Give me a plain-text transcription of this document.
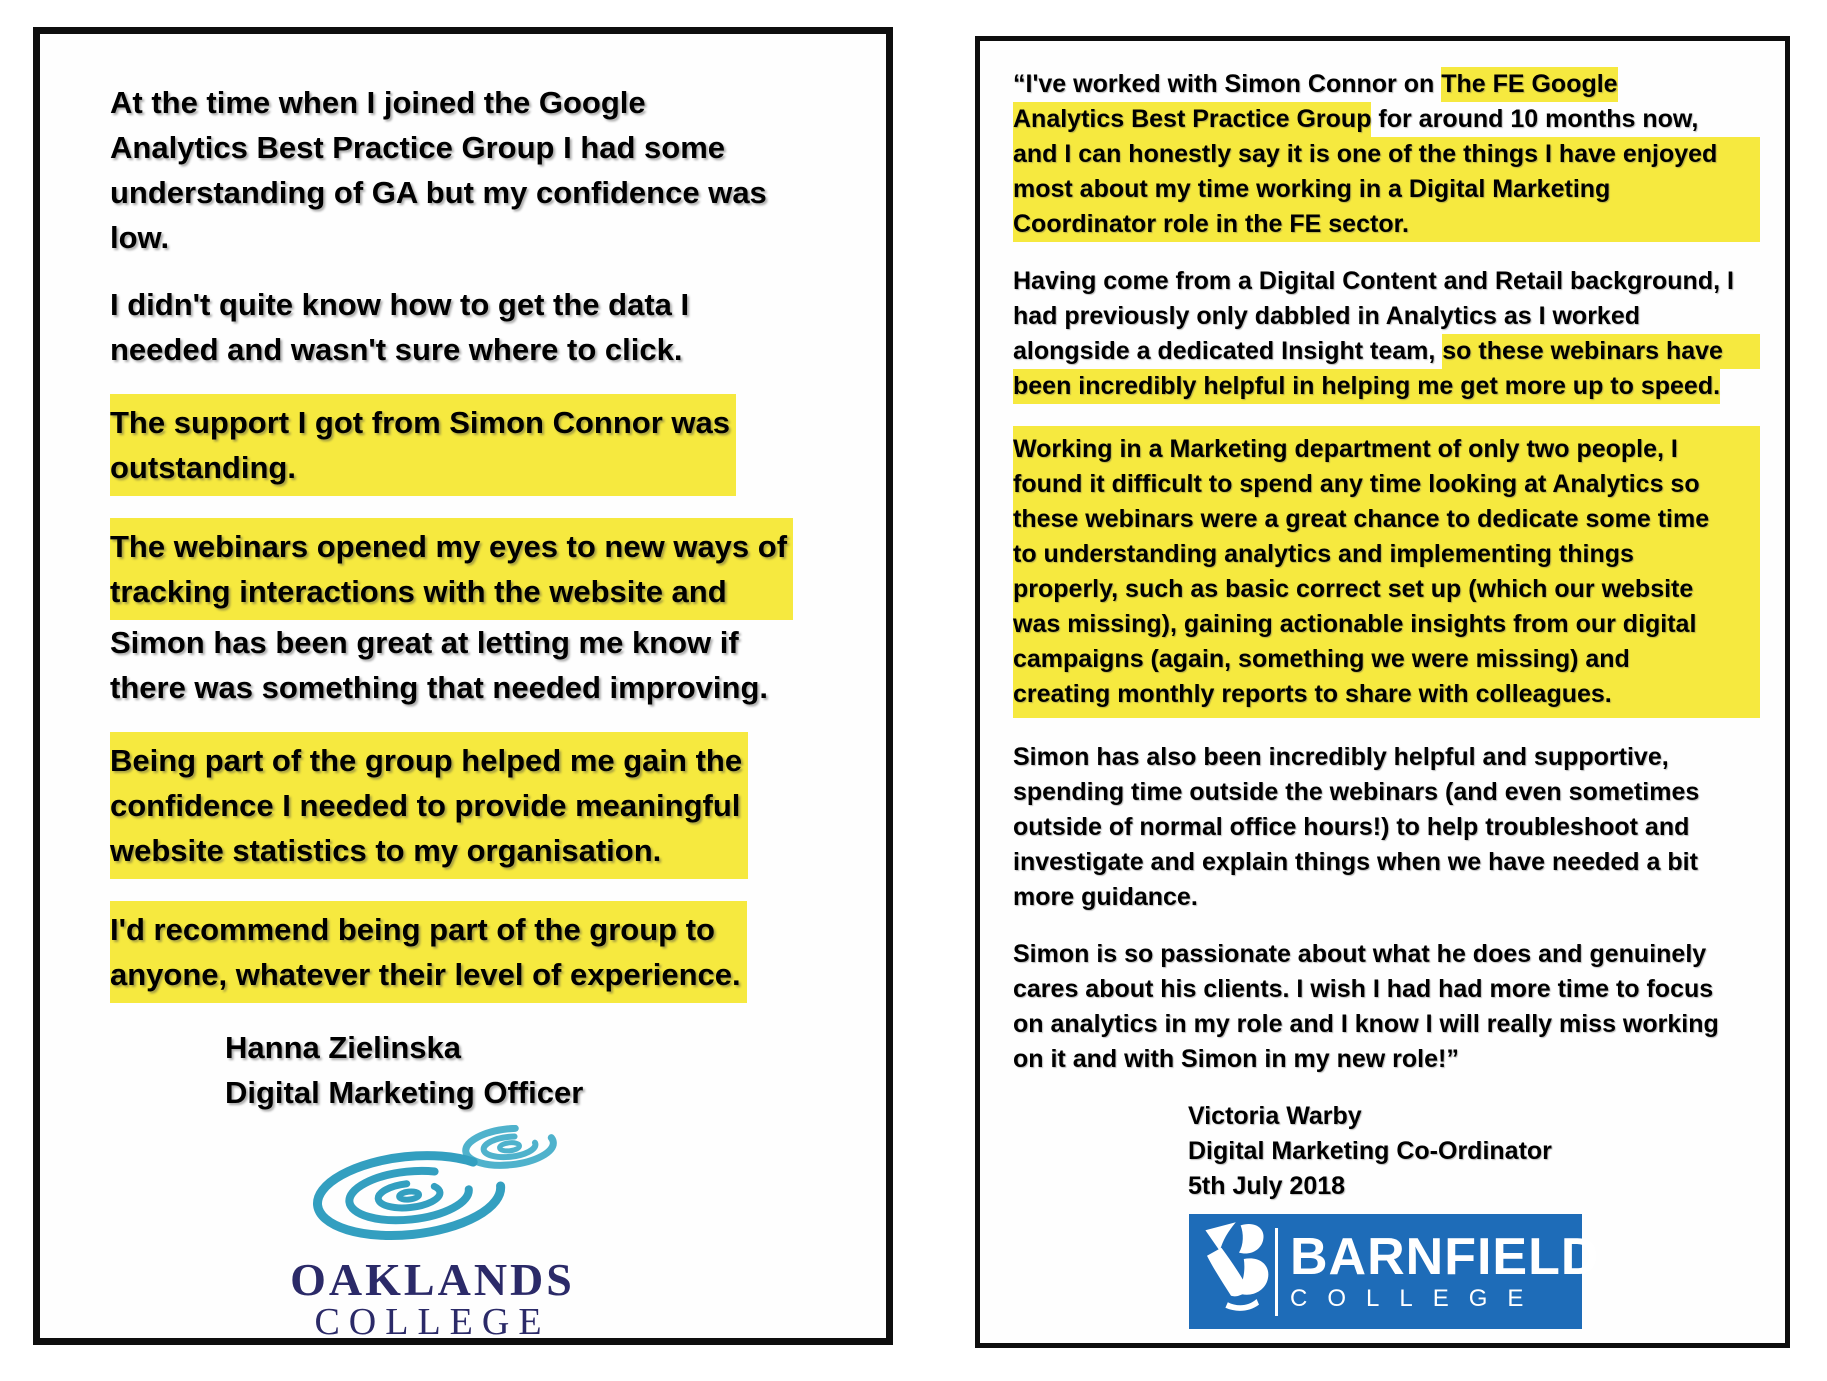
At the time when I joined the Google
Analytics Best Practice Group I had some
understanding of GA but my confidence was
low.
I didn't quite know how to get the data I
needed and wasn't sure where to click.
The support I got from Simon Connor was
outstanding.
The webinars opened my eyes to new ways of
tracking interactions with the website and
Simon has been great at letting me know if
there was something that needed improving.
Being part of the group helped me gain the
confidence I needed to provide meaningful
website statistics to my organisation.
I'd recommend being part of the group to
anyone, whatever their level of experience.
Hanna Zielinska
Digital Marketing Officer
OAKLANDS
COLLEGE
“I've worked with Simon Connor on The FE Google
Analytics Best Practice Group for around 10 months now,
and I can honestly say it is one of the things I have enjoyed
most about my time working in a Digital Marketing
Coordinator role in the FE sector.
Having come from a Digital Content and Retail background, I
had previously only dabbled in Analytics as I worked
alongside a dedicated Insight team, so these webinars have
been incredibly helpful in helping me get more up to speed.
Working in a Marketing department of only two people, I
found it difficult to spend any time looking at Analytics so
these webinars were a great chance to dedicate some time
to understanding analytics and implementing things
properly, such as basic correct set up (which our website
was missing), gaining actionable insights from our digital
campaigns (again, something we were missing) and
creating monthly reports to share with colleagues.
Simon has also been incredibly helpful and supportive,
spending time outside the webinars (and even sometimes
outside of normal office hours!) to help troubleshoot and
investigate and explain things when we have needed a bit
more guidance.
Simon is so passionate about what he does and genuinely
cares about his clients. I wish I had had more time to focus
on analytics in my role and I know I will really miss working
on it and with Simon in my new role!”
Victoria Warby
Digital Marketing Co-Ordinator
5th July 2018
BARNFIELD
COLLEGE
